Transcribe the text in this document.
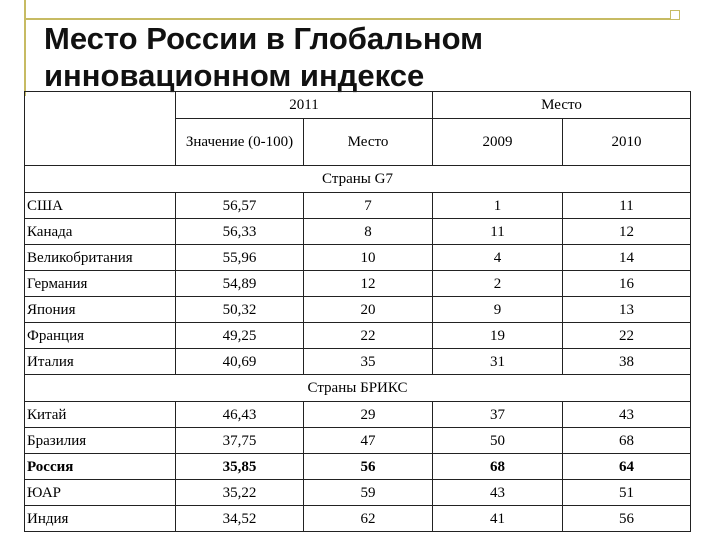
Место России в Глобальном
инновационном индексе
	2011		Место	
	Значение (0-100)	Место	2009	2010
Страны G7				
США	56,57	7	1	11
Канада	56,33	8	11	12
Великобритания	55,96	10	4	14
Германия	54,89	12	2	16
Япония	50,32	20	9	13
Франция	49,25	22	19	22
Италия	40,69	35	31	38
Страны БРИКС				
Китай	46,43	29	37	43
Бразилия	37,75	47	50	68
Россия	35,85	56	68	64
ЮАР	35,22	59	43	51
Индия	34,52	62	41	56
